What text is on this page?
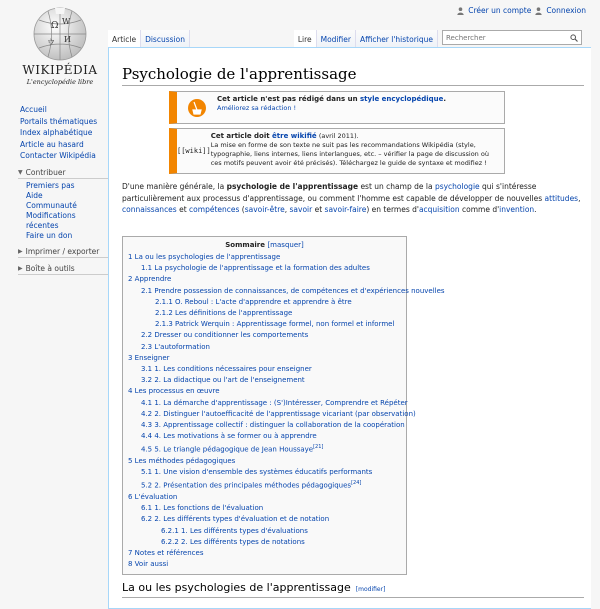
Créer un compte Connexion
Ω W
И
ウ
WIKIPÉDIA
L'encyclopédie libre
Accueil
Portails thématiques
Index alphabétique
Article au hasard
Contacter Wikipédia
▼ Contribuer
Premiers pas
Aide
Communauté
Modifications récentes
Faire un don
▶ Imprimer / exporter
▶ Boîte à outils
Article	Discussion	Lire	Modifier	Afficher l'historique
Rechercher
Psychologie de l'apprentissage
Cet article n'est pas rédigé dans un style encyclopédique.
Améliorez sa rédaction !
[[wiki]]
Cet article doit être wikifié (avril 2011).
La mise en forme de son texte ne suit pas les recommandations Wikipédia (style, typographie, liens internes, liens interlangues, etc. – vérifier la page de discussion où ces motifs peuvent avoir été précisés). Téléchargez le guide de syntaxe et modifiez !

D'une manière générale, la psychologie de l'apprentissage est un champ de la psychologie qui s'intéresse particulièrement aux processus d'apprentissage, ou comment l'homme est capable de développer de nouvelles attitudes, connaissances et compétences (savoir-être, savoir et savoir-faire) en termes d'acquisition comme d'invention.

Sommaire [masquer]
1 La ou les psychologies de l'apprentissage
1.1 La psychologie de l'apprentissage et la formation des adultes
2 Apprendre
2.1 Prendre possession de connaissances, de compétences et d'expériences nouvelles
2.1.1 O. Reboul : L'acte d'apprendre et apprendre à être
2.1.2 Les définitions de l'apprentissage
2.1.3 Patrick Werquin : Apprentissage formel, non formel et informel
2.2 Dresser ou conditionner les comportements
2.3 L'autoformation
3 Enseigner
3.1 1. Les conditions nécessaires pour enseigner
3.2 2. La didactique ou l'art de l'enseignement
4 Les processus en œuvre
4.1 1. La démarche d'apprentissage : (S')Intéresser, Comprendre et Répéter
4.2 2. Distinguer l'autoefficacité de l'apprentissage vicariant (par observation)
4.3 3. Apprentissage collectif : distinguer la collaboration de la coopération
4.4 4. Les motivations à se former ou à apprendre
4.5 5. Le triangle pédagogique de Jean Houssaye[21]
5 Les méthodes pédagogiques
5.1 1. Une vision d'ensemble des systèmes éducatifs performants
5.2 2. Présentation des principales méthodes pédagogiques[24]
6 L'évaluation
6.1 1. Les fonctions de l'évaluation
6.2 2. Les différents types d'évaluation et de notation
6.2.1 1. Les différents types d'évaluations
6.2.2 2. Les différents types de notations
7 Notes et références
8 Voir aussi
La ou les psychologies de l'apprentissage [modifier]
